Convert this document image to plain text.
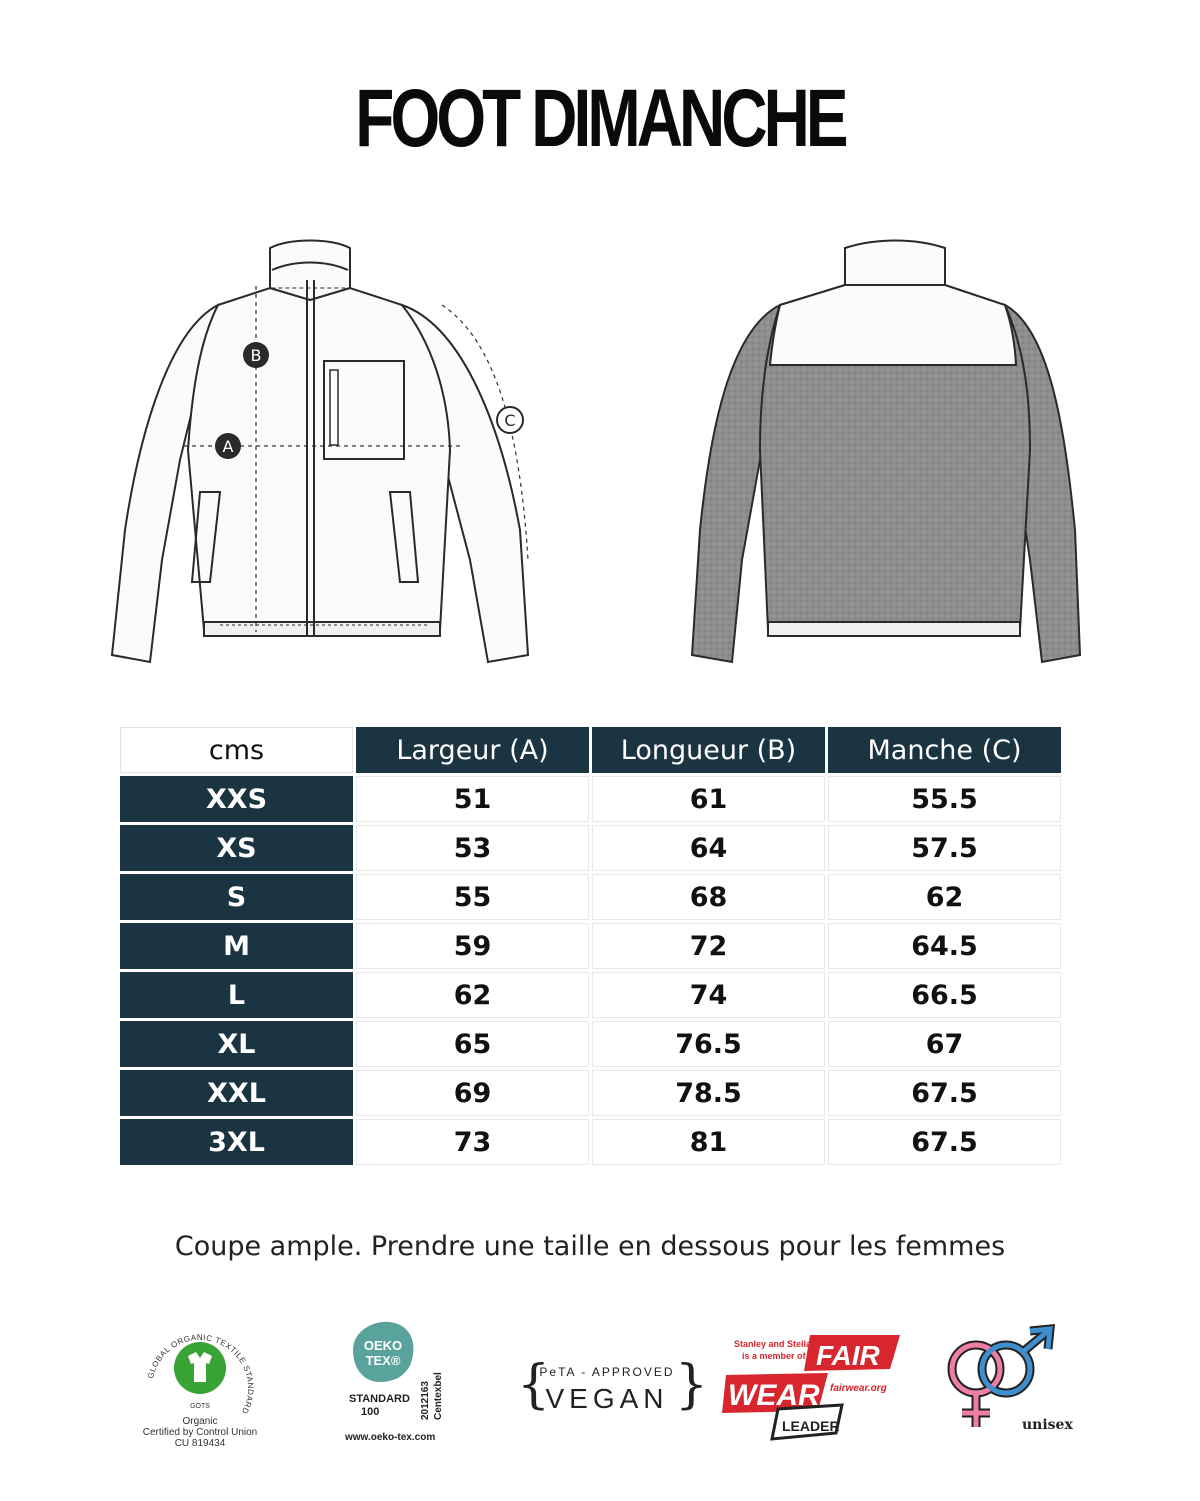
FOOT DIMANCHE
A
B
C
cms	Largeur (A)	Longueur (B)	Manche (C)
XXS	51	61	55.5
XS	53	64	57.5
S	55	68	62
M	59	72	64.5
L	62	74	66.5
XL	65	76.5	67
XXL	69	78.5	67.5
3XL	73	81	67.5
Coupe ample. Prendre une taille en dessous pour les femmes
GLOBAL ORGANIC TEXTILE STANDARD
GOTS
Organic
Certified by Control Union
CU 819434
OEKO
TEX®
STANDARD
100	2012163 Centexbel
www.oeko-tex.com
{ }
PeTA - APPROVED
VEGAN
Stanley and Stella
is a member of FAIR
WEAR fairwear.org
LEADER	unisex
